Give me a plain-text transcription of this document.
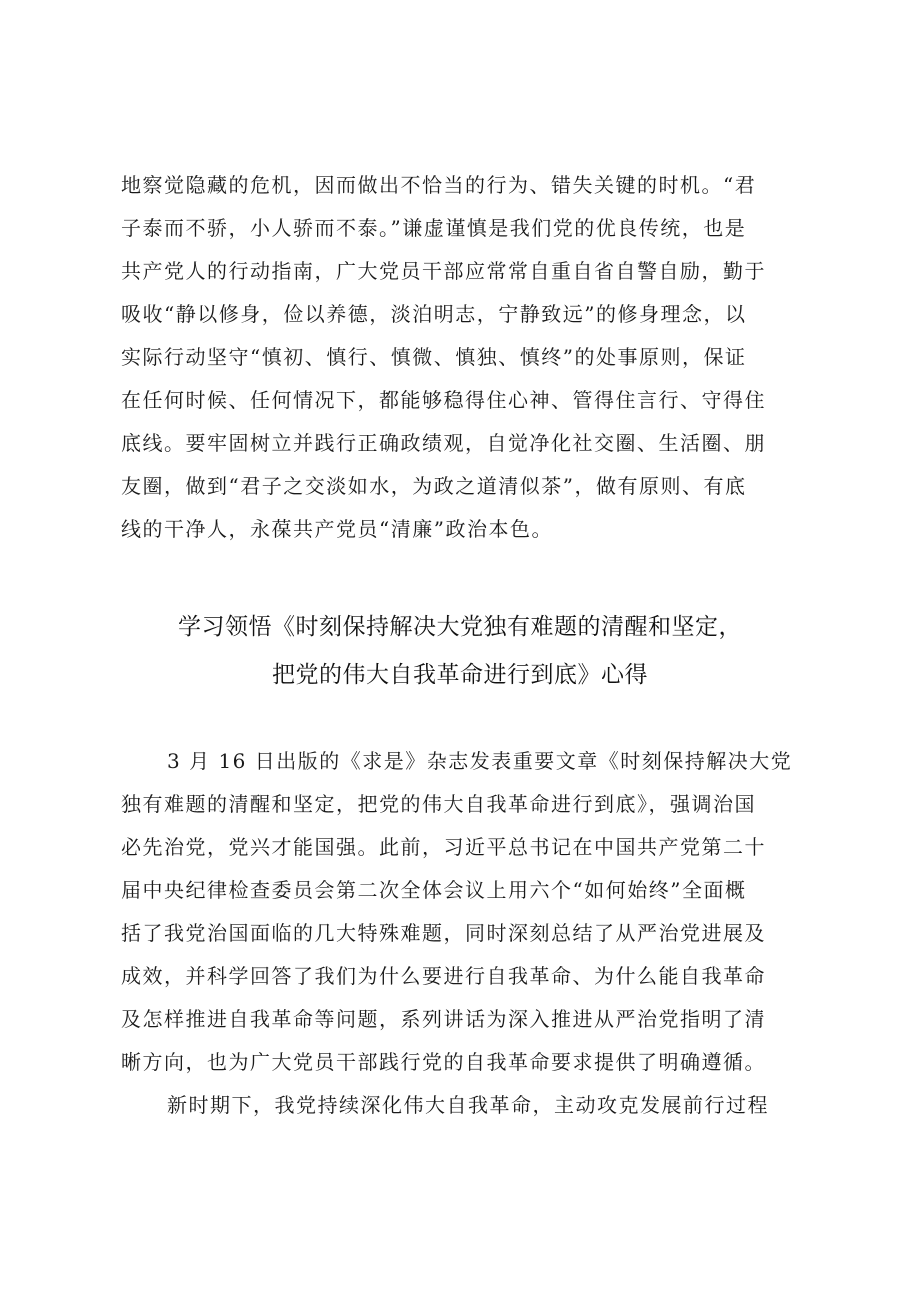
地察觉隐藏的危机，因而做出不恰当的行为、错失关键的时机。“君
子泰而不骄，小人骄而不泰。”谦虚谨慎是我们党的优良传统，也是
共产党人的行动指南，广大党员干部应常常自重自省自警自励，勤于
吸收“静以修身，俭以养德，淡泊明志，宁静致远”的修身理念，以
实际行动坚守“慎初、慎行、慎微、慎独、慎终”的处事原则，保证
在任何时候、任何情况下，都能够稳得住心神、管得住言行、守得住
底线。要牢固树立并践行正确政绩观，自觉净化社交圈、生活圈、朋
友圈，做到“君子之交淡如水，为政之道清似茶”，做有原则、有底
线的干净人，永葆共产党员“清廉”政治本色。
学习领悟《时刻保持解决大党独有难题的清醒和坚定，
把党的伟大自我革命进行到底》心得
3 月 16 日出版的《求是》杂志发表重要文章《时刻保持解决大党
独有难题的清醒和坚定，把党的伟大自我革命进行到底》，强调治国
必先治党，党兴才能国强。此前，习近平总书记在中国共产党第二十
届中央纪律检查委员会第二次全体会议上用六个“如何始终”全面概
括了我党治国面临的几大特殊难题，同时深刻总结了从严治党进展及
成效，并科学回答了我们为什么要进行自我革命、为什么能自我革命
及怎样推进自我革命等问题，系列讲话为深入推进从严治党指明了清
晰方向，也为广大党员干部践行党的自我革命要求提供了明确遵循。
新时期下，我党持续深化伟大自我革命，主动攻克发展前行过程
